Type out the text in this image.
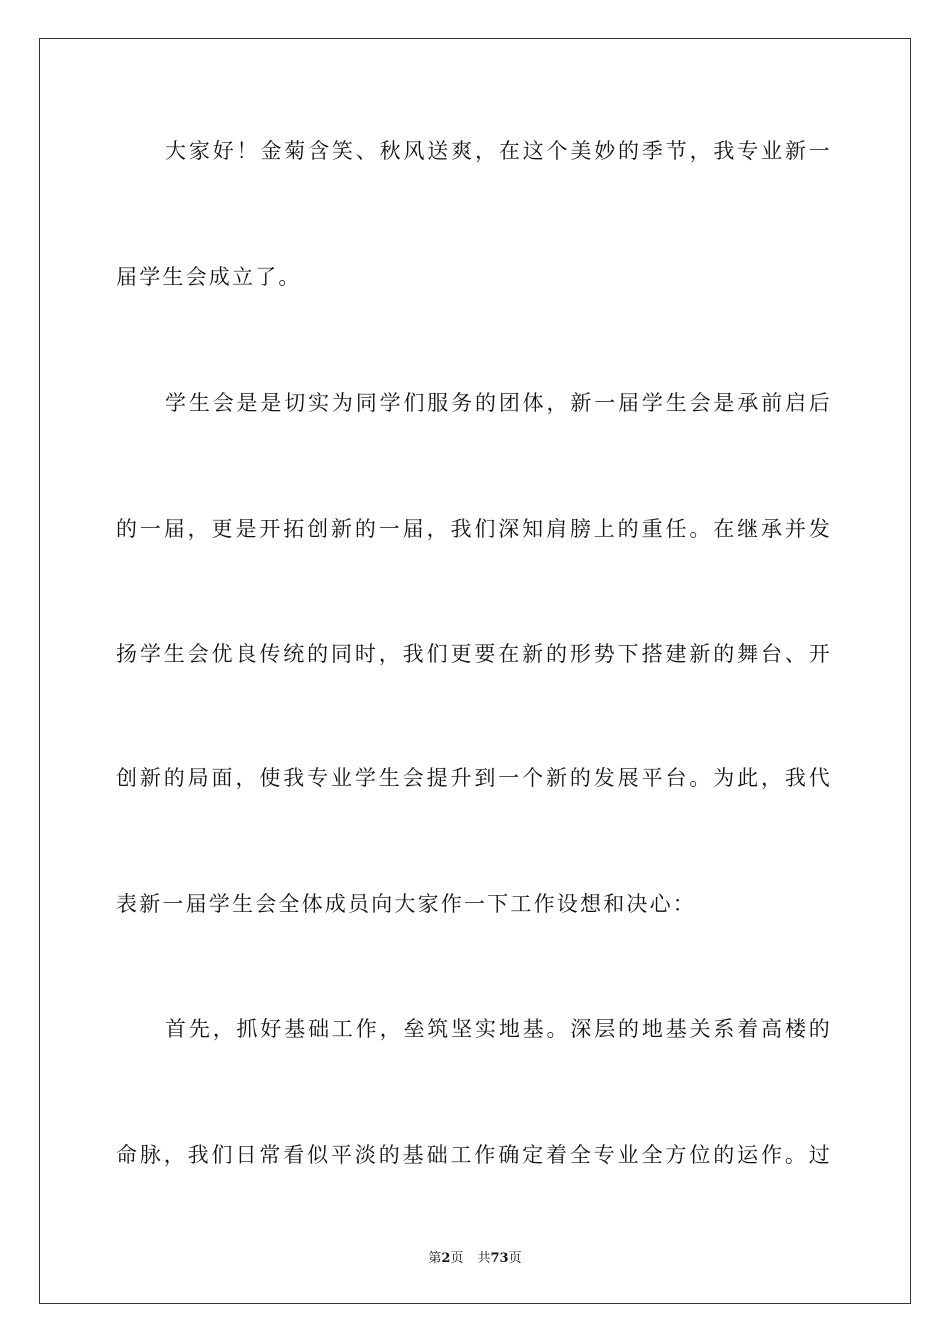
大家好！金菊含笑、秋风送爽，在这个美妙的季节，我专业新一
届学生会成立了。
学生会是是切实为同学们服务的团体，新一届学生会是承前启后
的一届，更是开拓创新的一届，我们深知肩膀上的重任。在继承并发
扬学生会优良传统的同时，我们更要在新的形势下搭建新的舞台、开
创新的局面，使我专业学生会提升到一个新的发展平台。为此，我代
表新一届学生会全体成员向大家作一下工作设想和决心：
首先，抓好基础工作，垒筑坚实地基。深层的地基关系着高楼的
命脉，我们日常看似平淡的基础工作确定着全专业全方位的运作。过
第2页 共73页
